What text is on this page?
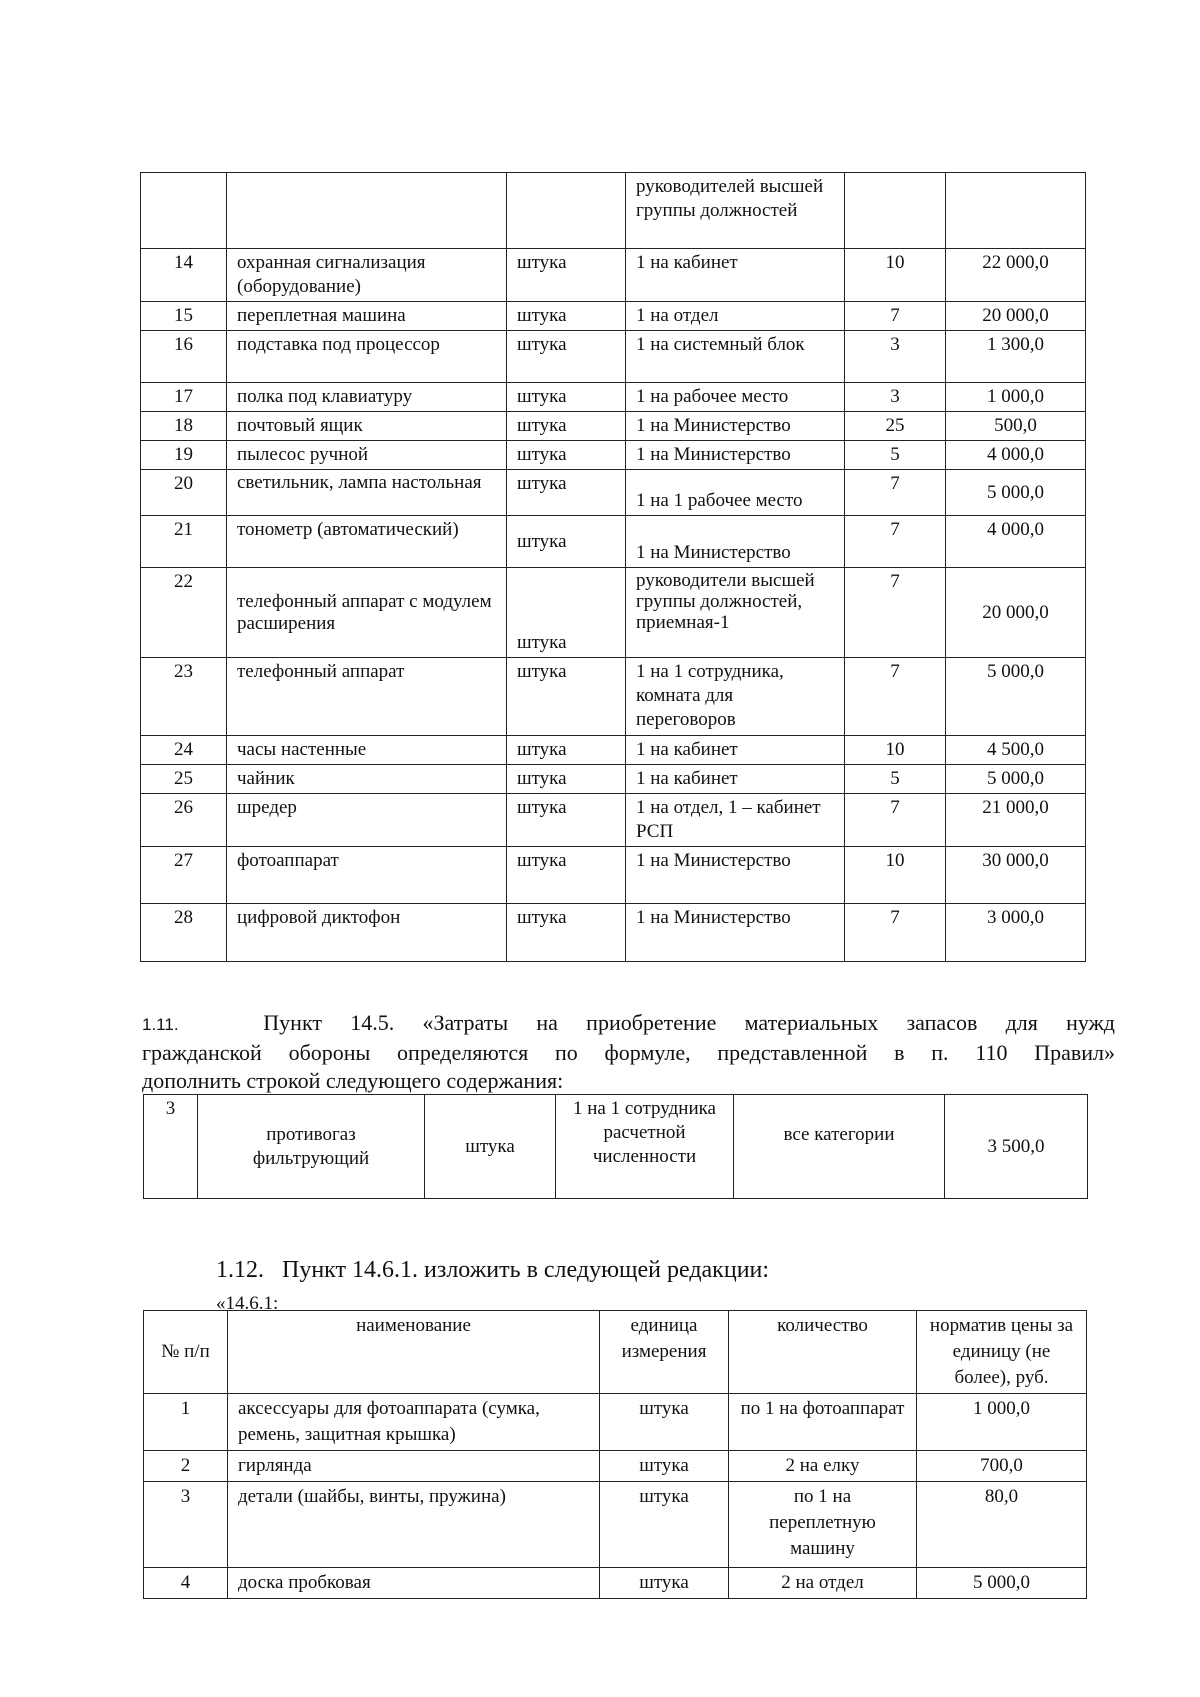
			руководителей высшей группы должностей		
14	охранная сигнализация (оборудование)	штука	1 на кабинет	10	22 000,0
15	переплетная машина	штука	1 на отдел	7	20 000,0
16	подставка под процессор	штука	1 на системный блок	3	1 300,0
17	полка под клавиатуру	штука	1 на рабочее место	3	1 000,0
18	почтовый ящик	штука	1 на Министерство	25	500,0
19	пылесос ручной	штука	1 на Министерство	5	4 000,0
20	светильник, лампа настольная	штука	1 на 1 рабочее место	7	5 000,0
21	тонометр (автоматический)	штука	1 на Министерство	7	4 000,0
22	телефонный аппарат с модулем расширения	штука	руководители высшей группы должностей, приемная-1	7	20 000,0
23	телефонный аппарат	штука	1 на 1 сотрудника, комната для переговоров	7	5 000,0
24	часы настенные	штука	1 на кабинет	10	4 500,0
25	чайник	штука	1 на кабинет	5	5 000,0
26	шредер	штука	1 на отдел, 1 – кабинет РСП	7	21 000,0
27	фотоаппарат	штука	1 на Министерство	10	30 000,0
28	цифровой диктофон	штука	1 на Министерство	7	3 000,0
1.11.	Пункт 14.5. «Затраты на приобретение материальных запасов для нужд
гражданской обороны определяются по формуле, представленной в п. 110 Правил»
дополнить строкой следующего содержания:
3	противогаз фильтрующий	штука	1 на 1 сотрудника расчетной численности	все категории	3 500,0
1.12.   Пункт 14.6.1. изложить в следующей редакции:
«14.6.1:
№ п/п	наименование	единица измерения	количество	норматив цены за единицу (не более), руб.
1	аксессуары для фотоаппарата (сумка, ремень, защитная крышка)	штука	по 1 на фотоаппарат	1 000,0
2	гирлянда	штука	2 на елку	700,0
3	детали (шайбы, винты, пружина)	штука	по 1 на переплетную машину	80,0
4	доска пробковая	штука	2 на отдел	5 000,0
